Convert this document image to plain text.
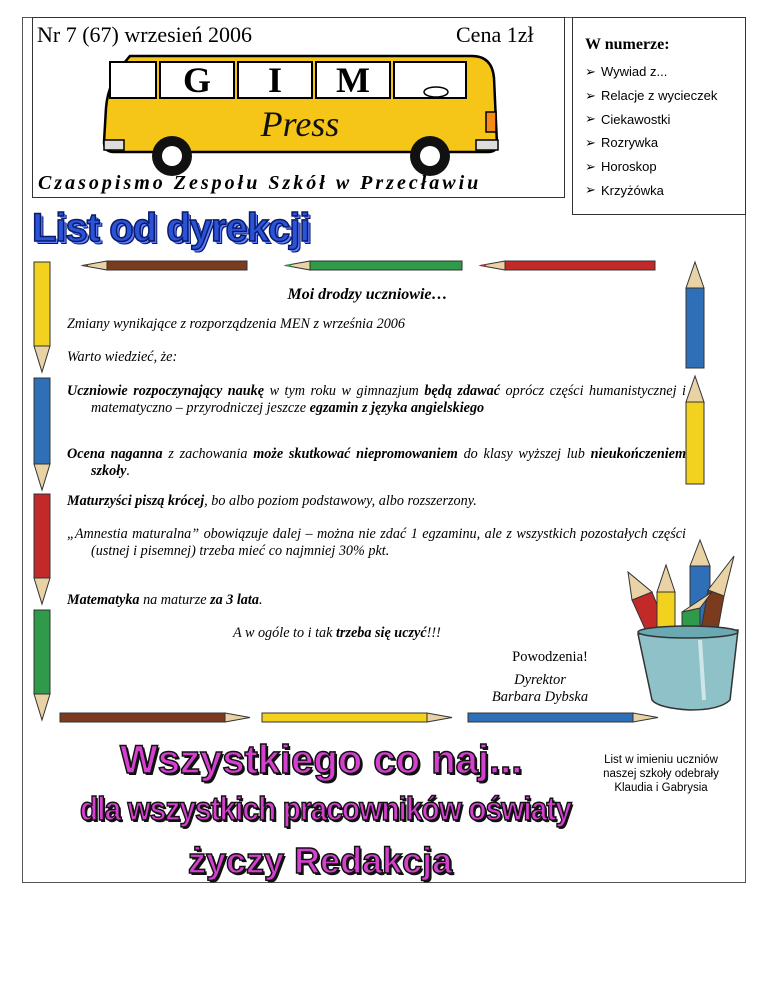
Nr 7 (67) wrzesień 2006	Cena 1zł
G I M
Press
Czasopismo Zespołu Szkół w Przecławiu
W numerze:
➢ Wywiad z...
➢ Relacje z wycieczek
➢ Ciekawostki
➢ Rozrywka
➢ Horoskop
➢ Krzyżówka
List od dyrekcji
Moi drodzy uczniowie…
Zmiany wynikające z rozporządzenia MEN z września 2006
Warto wiedzieć, że:
Uczniowie rozpoczynający naukę w tym roku w gimnazjum będą zdawać oprócz części humanistycznej i matematyczno – przyrodniczej jeszcze egzamin z języka angielskiego
Ocena naganna z zachowania może skutkować niepromowaniem do klasy wyższej lub nieukończeniem szkoły.
Maturzyści piszą krócej, bo albo poziom podstawowy, albo rozszerzony.
„Amnestia maturalna” obowiązuje dalej – można nie zdać 1 egzaminu, ale z wszystkich pozostałych części (ustnej i pisemnej) trzeba mieć co najmniej 30% pkt.
Matematyka na maturze za 3 lata.
A w ogóle to i tak trzeba się uczyć!!!
Powodzenia!
Dyrektor
Barbara Dybska
Wszystkiego co naj...
dla wszystkich pracowników oświaty
życzy Redakcja
List w imieniu uczniów
naszej szkoły odebrały
Klaudia i Gabrysia
